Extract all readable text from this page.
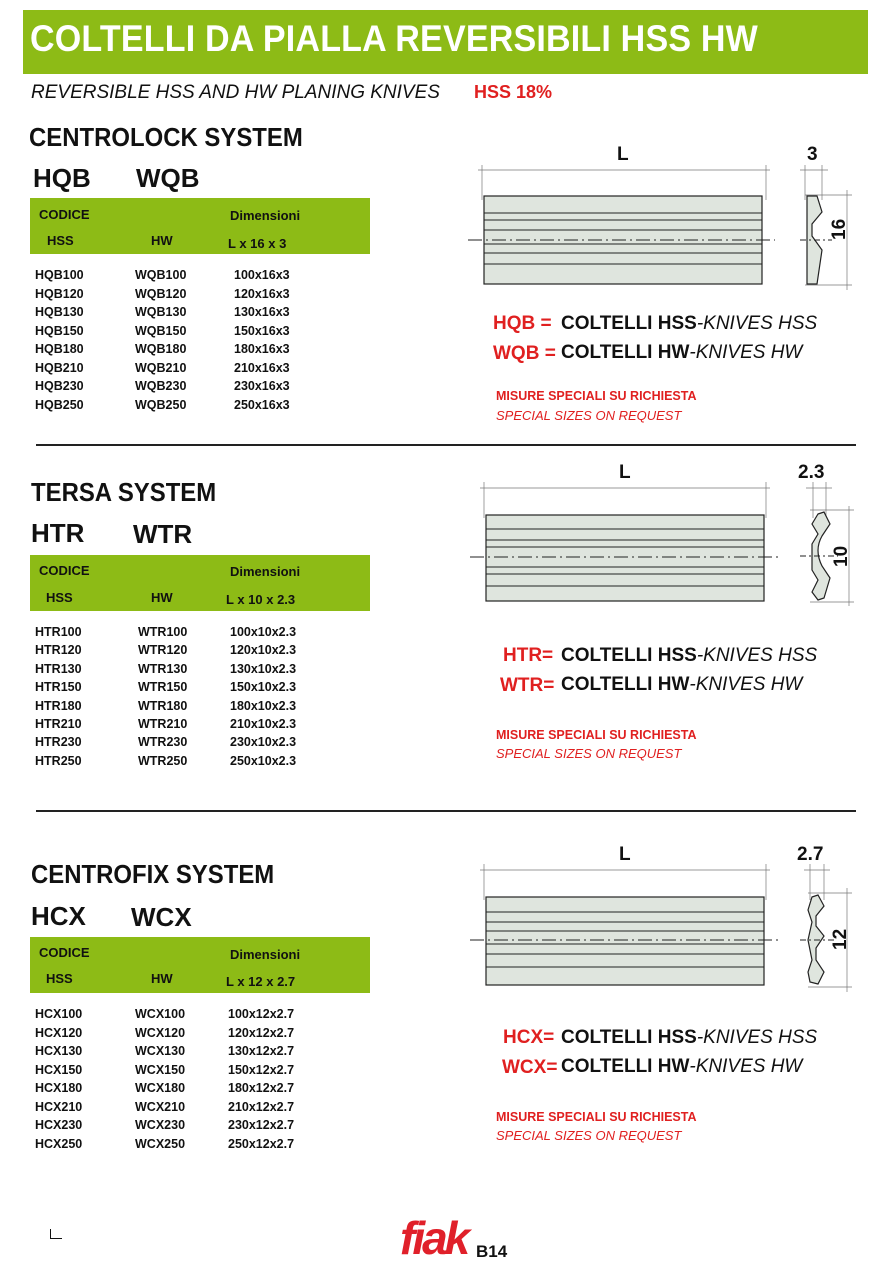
COLTELLI DA PIALLA REVERSIBILI HSS HW
REVERSIBLE HSS AND HW PLANING KNIVES HSS 18%
CENTROLOCK SYSTEM
HQB WQB
CODICE	Dimensioni
HSS	HW	L x 16 x 3
HQB100	WQB100	100x16x3
HQB120	WQB120	120x16x3
HQB130	WQB130	130x16x3
HQB150	WQB150	150x16x3
HQB180	WQB180	180x16x3
HQB210	WQB210	210x16x3
HQB230	WQB230	230x16x3
HQB250	WQB250	250x16x3
L	3
16
HQB = COLTELLI HSS-KNIVES HSS
WQB = COLTELLI HW-KNIVES HW
MISURE SPECIALI SU RICHIESTA
SPECIAL SIZES ON REQUEST
TERSA SYSTEM
HTR WTR
CODICE	Dimensioni
HSS	HW	L x 10 x 2.3
HTR100	WTR100	100x10x2.3
HTR120	WTR120	120x10x2.3
HTR130	WTR130	130x10x2.3
HTR150	WTR150	150x10x2.3
HTR180	WTR180	180x10x2.3
HTR210	WTR210	210x10x2.3
HTR230	WTR230	230x10x2.3
HTR250	WTR250	250x10x2.3
L	2.3
10
HTR= COLTELLI HSS-KNIVES HSS
WTR= COLTELLI HW-KNIVES HW
MISURE SPECIALI SU RICHIESTA
SPECIAL SIZES ON REQUEST
CENTROFIX SYSTEM
HCX WCX
CODICE	Dimensioni
HSS	HW	L x 12 x 2.7
HCX100	WCX100	100x12x2.7
HCX120	WCX120	120x12x2.7
HCX130	WCX130	130x12x2.7
HCX150	WCX150	150x12x2.7
HCX180	WCX180	180x12x2.7
HCX210	WCX210	210x12x2.7
HCX230	WCX230	230x12x2.7
HCX250	WCX250	250x12x2.7
L	2.7
12
HCX= COLTELLI HSS-KNIVES HSS
WCX= COLTELLI HW-KNIVES HW
MISURE SPECIALI SU RICHIESTA
SPECIAL SIZES ON REQUEST
fiak B14
